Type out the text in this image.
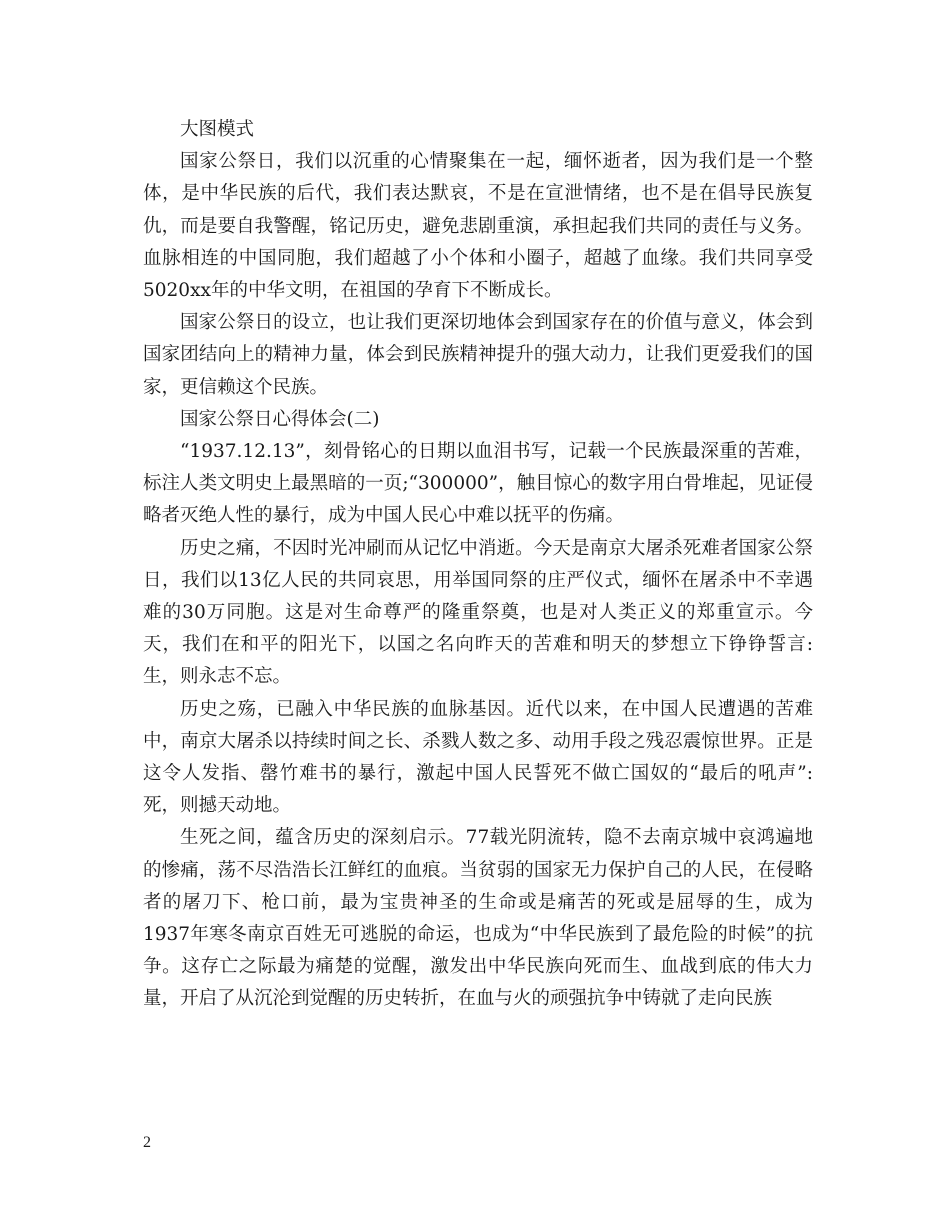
大图模式

国家公祭日，我们以沉重的心情聚集在一起，缅怀逝者，因为我们是一个整体，是中华民族的后代，我们表达默哀，不是在宣泄情绪，也不是在倡导民族复仇，而是要自我警醒，铭记历史，避免悲剧重演，承担起我们共同的责任与义务。血脉相连的中国同胞，我们超越了小个体和小圈子，超越了血缘。我们共同享受5020xx年的中华文明，在祖国的孕育下不断成长。

国家公祭日的设立，也让我们更深切地体会到国家存在的价值与意义，体会到国家团结向上的精神力量，体会到民族精神提升的强大动力，让我们更爱我们的国家，更信赖这个民族。

国家公祭日心得体会(二)

“1937.12.13”，刻骨铭心的日期以血泪书写，记载一个民族最深重的苦难，标注人类文明史上最黑暗的一页;“300000”，触目惊心的数字用白骨堆起，见证侵略者灭绝人性的暴行，成为中国人民心中难以抚平的伤痛。

历史之痛，不因时光冲刷而从记忆中消逝。今天是南京大屠杀死难者国家公祭日，我们以13亿人民的共同哀思，用举国同祭的庄严仪式，缅怀在屠杀中不幸遇难的30万同胞。这是对生命尊严的隆重祭奠，也是对人类正义的郑重宣示。今天，我们在和平的阳光下，以国之名向昨天的苦难和明天的梦想立下铮铮誓言:生，则永志不忘。

历史之殇，已融入中华民族的血脉基因。近代以来，在中国人民遭遇的苦难中，南京大屠杀以持续时间之长、杀戮人数之多、动用手段之残忍震惊世界。正是这令人发指、罄竹难书的暴行，激起中国人民誓死不做亡国奴的“最后的吼声”:死，则撼天动地。

生死之间，蕴含历史的深刻启示。77载光阴流转，隐不去南京城中哀鸿遍地的惨痛，荡不尽浩浩长江鲜红的血痕。当贫弱的国家无力保护自己的人民，在侵略者的屠刀下、枪口前，最为宝贵神圣的生命或是痛苦的死或是屈辱的生，成为1937年寒冬南京百姓无可逃脱的命运，也成为“中华民族到了最危险的时候”的抗争。这存亡之际最为痛楚的觉醒，激发出中华民族向死而生、血战到底的伟大力量，开启了从沉沦到觉醒的历史转折，在血与火的顽强抗争中铸就了走向民族

2
